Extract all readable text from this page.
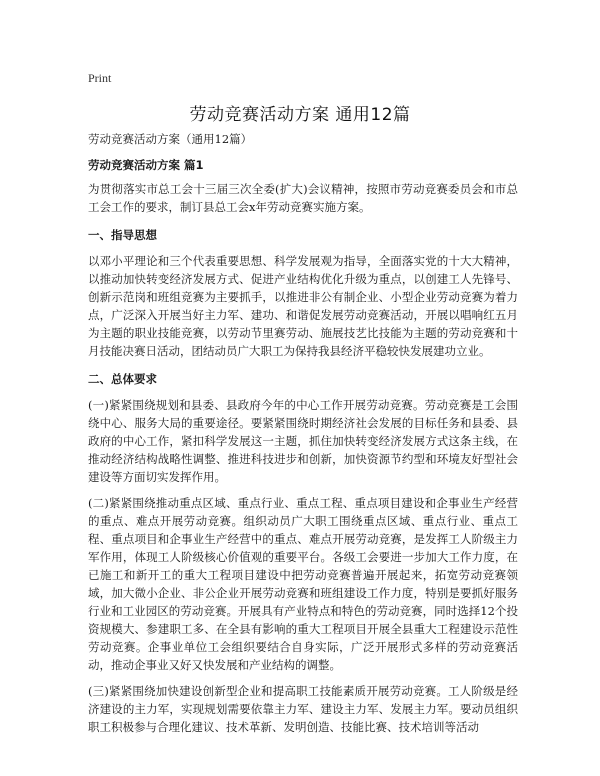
Print
劳动竞赛活动方案 通用12篇

劳动竞赛活动方案（通用12篇）

劳动竞赛活动方案 篇1

为贯彻落实市总工会十三届三次全委(扩大)会议精神，按照市劳动竞赛委员会和市总工会工作的要求，制订县总工会x年劳动竞赛实施方案。

一、指导思想

以邓小平理论和三个代表重要思想、科学发展观为指导，全面落实党的十大大精神，以推动加快转变经济发展方式、促进产业结构优化升级为重点，以创建工人先锋号、创新示范岗和班组竞赛为主要抓手，以推进非公有制企业、小型企业劳动竞赛为着力点，广泛深入开展当好主力军、建功、和谐促发展劳动竞赛活动，开展以唱响红五月为主题的职业技能竞赛，以劳动节里赛劳动、施展技艺比技能为主题的劳动竞赛和十月技能决赛日活动，团结动员广大职工为保持我县经济平稳较快发展建功立业。

二、总体要求

(一)紧紧围绕规划和县委、县政府今年的中心工作开展劳动竞赛。劳动竞赛是工会围绕中心、服务大局的重要途径。要紧紧围绕时期经济社会发展的目标任务和县委、县政府的中心工作，紧扣科学发展这一主题，抓住加快转变经济发展方式这条主线，在推动经济结构战略性调整、推进科技进步和创新，加快资源节约型和环境友好型社会建设等方面切实发挥作用。

(二)紧紧围绕推动重点区域、重点行业、重点工程、重点项目建设和企事业生产经营的重点、难点开展劳动竞赛。组织动员广大职工围绕重点区域、重点行业、重点工程、重点项目和企事业生产经营中的重点、难点开展劳动竞赛，是发挥工人阶级主力军作用，体现工人阶级核心价值观的重要平台。各级工会要进一步加大工作力度，在已施工和新开工的重大工程项目建设中把劳动竞赛普遍开展起来，拓宽劳动竞赛领域，加大微小企业、非公企业开展劳动竞赛和班组建设工作力度，特别是要抓好服务行业和工业园区的劳动竞赛。开展具有产业特点和特色的劳动竞赛，同时选择12个投资规模大、参建职工多、在全县有影响的重大工程项目开展全县重大工程建设示范性劳动竞赛。企事业单位工会组织要结合自身实际，广泛开展形式多样的劳动竞赛活动，推动企事业又好又快发展和产业结构的调整。

(三)紧紧围绕加快建设创新型企业和提高职工技能素质开展劳动竞赛。工人阶级是经济建设的主力军，实现规划需要依靠主力军、建设主力军、发展主力军。要动员组织职工积极参与合理化建议、技术革新、发明创造、技能比赛、技术培训等活动
